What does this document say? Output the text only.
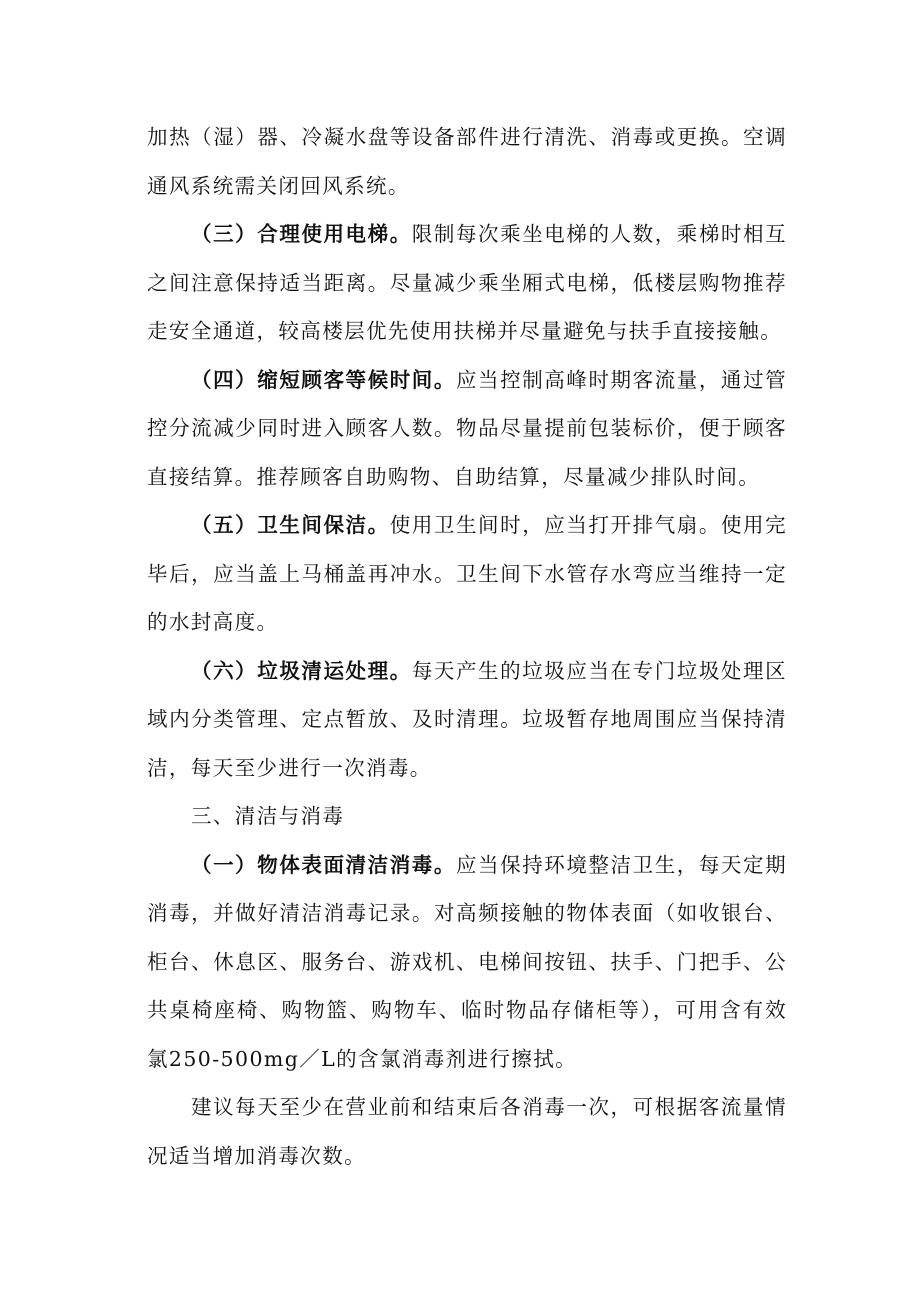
加热（湿）器、冷凝水盘等设备部件进行清洗、消毒或更换。空调通风系统需关闭回风系统。

（三）合理使用电梯。限制每次乘坐电梯的人数，乘梯时相互之间注意保持适当距离。尽量减少乘坐厢式电梯，低楼层购物推荐走安全通道，较高楼层优先使用扶梯并尽量避免与扶手直接接触。

（四）缩短顾客等候时间。应当控制高峰时期客流量，通过管控分流减少同时进入顾客人数。物品尽量提前包装标价，便于顾客直接结算。推荐顾客自助购物、自助结算，尽量减少排队时间。

（五）卫生间保洁。使用卫生间时，应当打开排气扇。使用完毕后，应当盖上马桶盖再冲水。卫生间下水管存水弯应当维持一定的水封高度。

（六）垃圾清运处理。每天产生的垃圾应当在专门垃圾处理区域内分类管理、定点暂放、及时清理。垃圾暂存地周围应当保持清洁，每天至少进行一次消毒。

三、清洁与消毒

（一）物体表面清洁消毒。应当保持环境整洁卫生，每天定期消毒，并做好清洁消毒记录。对高频接触的物体表面（如收银台、柜台、休息区、服务台、游戏机、电梯间按钮、扶手、门把手、公共桌椅座椅、购物篮、购物车、临时物品存储柜等），可用含有效氯250-500mg／L的含氯消毒剂进行擦拭。

建议每天至少在营业前和结束后各消毒一次，可根据客流量情况适当增加消毒次数。
